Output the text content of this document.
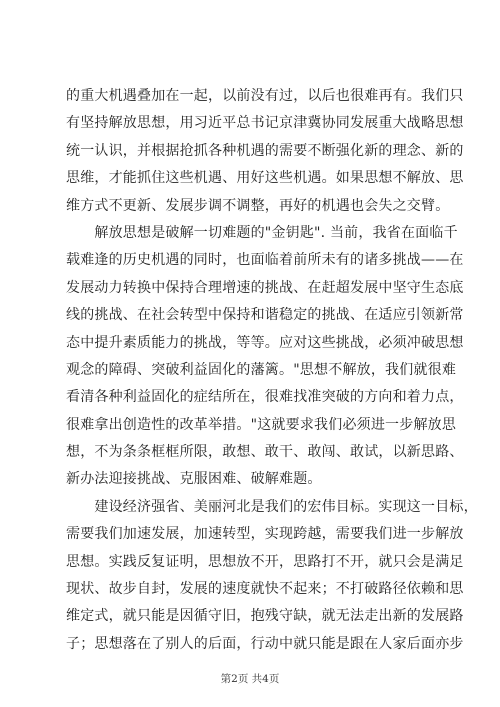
的重大机遇叠加在一起，以前没有过，以后也很难再有。我们只
有坚持解放思想，用习近平总书记京津冀协同发展重大战略思想
统一认识，并根据抢抓各种机遇的需要不断强化新的理念、新的
思维，才能抓住这些机遇、用好这些机遇。如果思想不解放、思
维方式不更新、发展步调不调整，再好的机遇也会失之交臂。
　　解放思想是破解一切难题的"金钥匙". 当前，我省在面临千
载难逢的历史机遇的同时，也面临着前所未有的诸多挑战——在
发展动力转换中保持合理增速的挑战、在赶超发展中坚守生态底
线的挑战、在社会转型中保持和谐稳定的挑战、在适应引领新常
态中提升素质能力的挑战，等等。应对这些挑战，必须冲破思想
观念的障碍、突破利益固化的藩篱。"思想不解放，我们就很难
看清各种利益固化的症结所在，很难找准突破的方向和着力点，
很难拿出创造性的改革举措。"这就要求我们必须进一步解放思
想，不为条条框框所限，敢想、敢干、敢闯、敢试，以新思路、
新办法迎接挑战、克服困难、破解难题。
　　建设经济强省、美丽河北是我们的宏伟目标。实现这一目标，
需要我们加速发展，加速转型，实现跨越，需要我们进一步解放
思想。实践反复证明，思想放不开，思路打不开，就只会是满足
现状、故步自封，发展的速度就快不起来；不打破路径依赖和思
维定式，就只能是因循守旧，抱残守缺，就无法走出新的发展路
子；思想落在了别人的后面，行动中就只能是跟在人家后面亦步
第2页 共4页
